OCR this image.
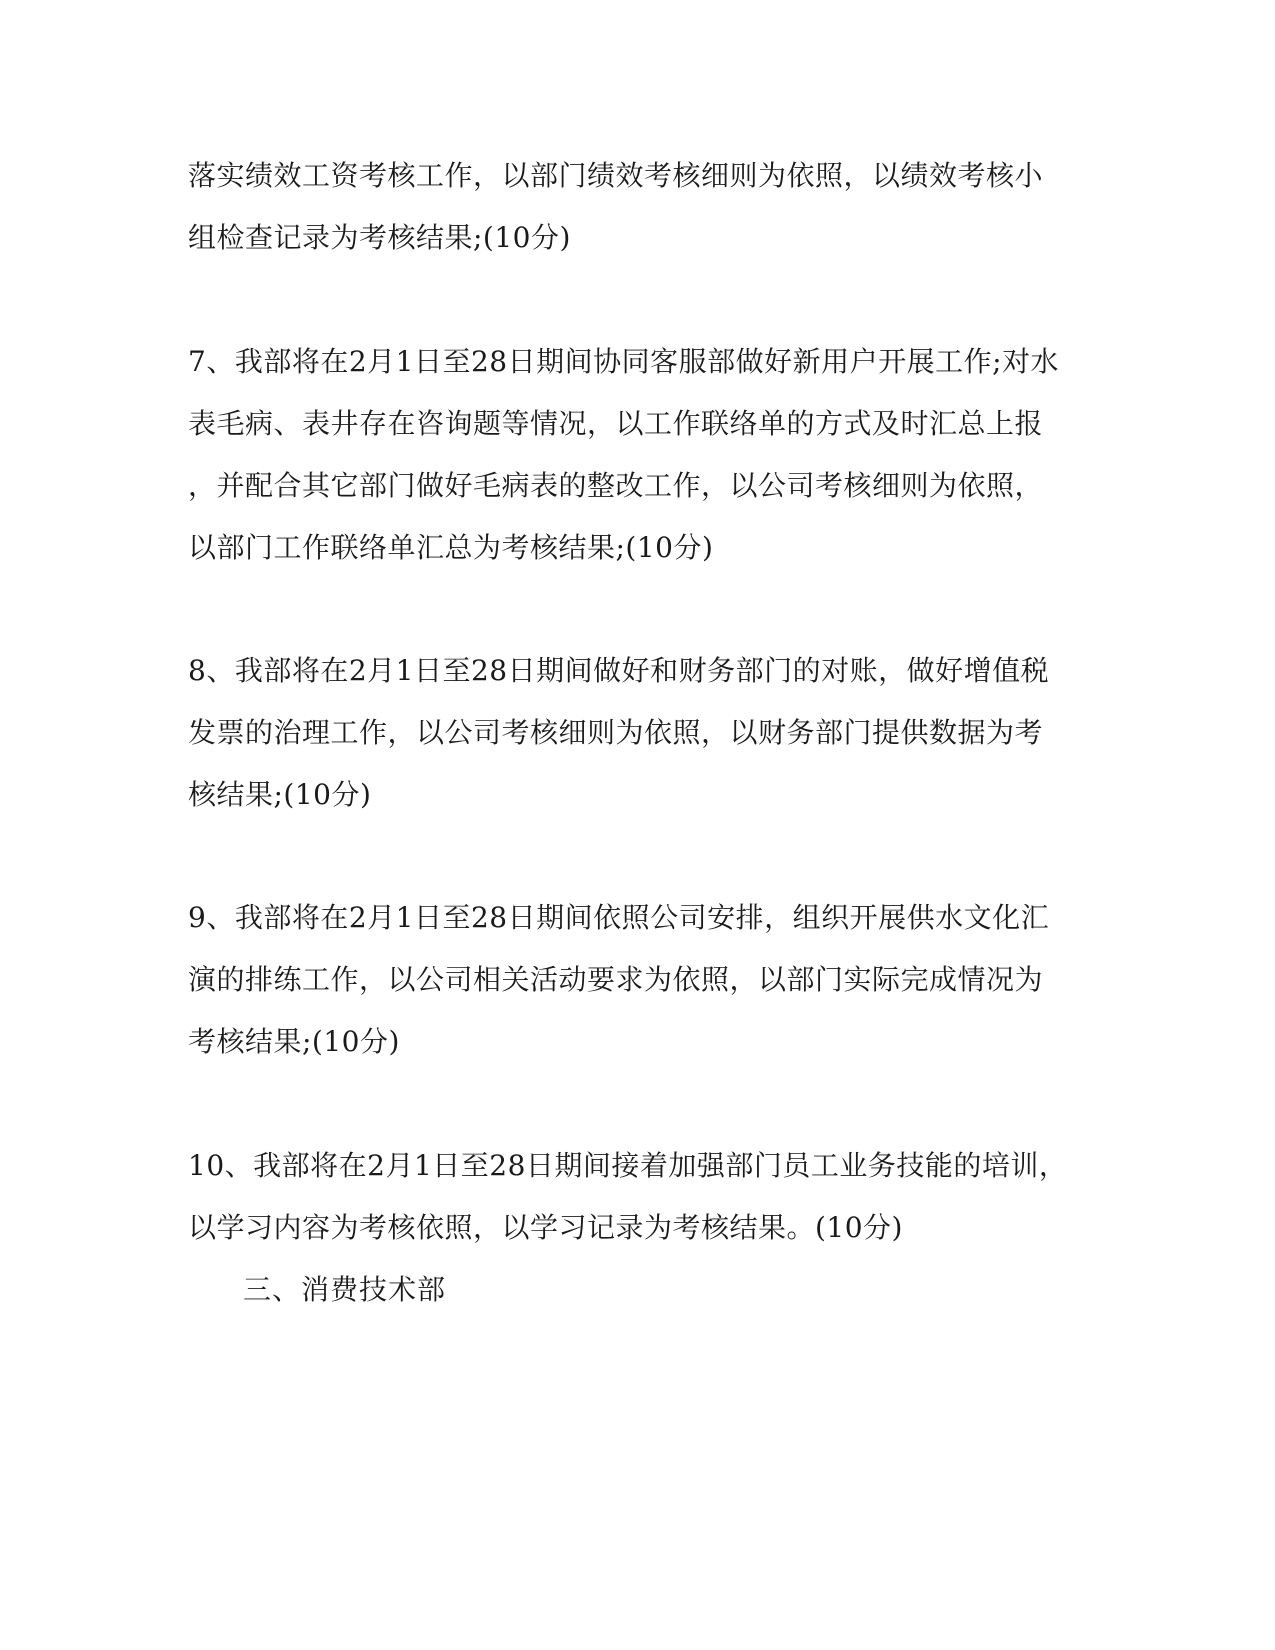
落实绩效工资考核工作，以部门绩效考核细则为依照，以绩效考核小
组检查记录为考核结果;(10分)
7、我部将在2月1日至28日期间协同客服部做好新用户开展工作;对水
表毛病、表井存在咨询题等情况，以工作联络单的方式及时汇总上报
，并配合其它部门做好毛病表的整改工作，以公司考核细则为依照，
以部门工作联络单汇总为考核结果;(10分)
8、我部将在2月1日至28日期间做好和财务部门的对账，做好增值税
发票的治理工作，以公司考核细则为依照，以财务部门提供数据为考
核结果;(10分)
9、我部将在2月1日至28日期间依照公司安排，组织开展供水文化汇
演的排练工作，以公司相关活动要求为依照，以部门实际完成情况为
考核结果;(10分)
10、我部将在2月1日至28日期间接着加强部门员工业务技能的培训，
以学习内容为考核依照，以学习记录为考核结果。(10分)
三、消费技术部
